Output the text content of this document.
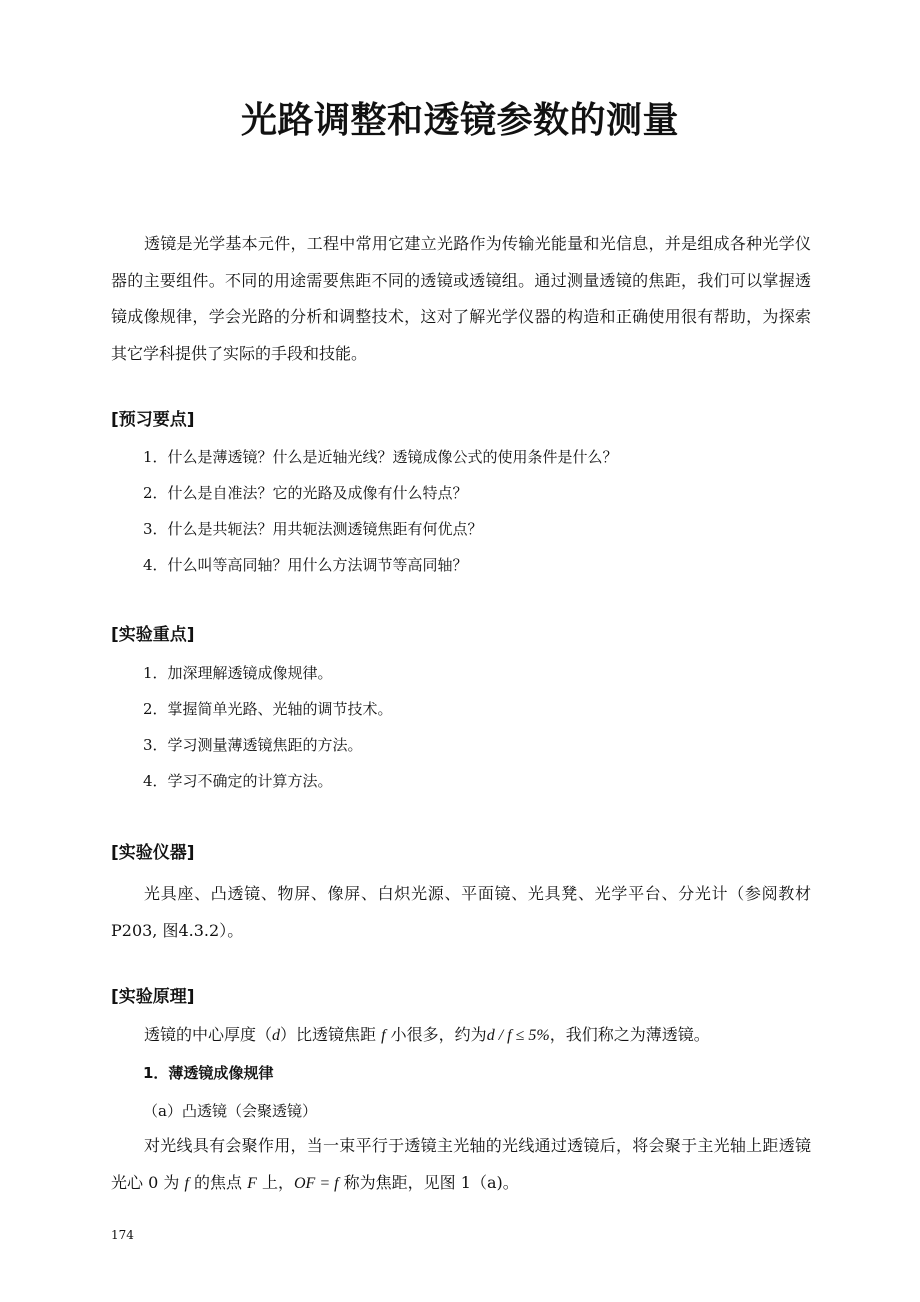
光路调整和透镜参数的测量

透镜是光学基本元件，工程中常用它建立光路作为传输光能量和光信息，并是组成各种光学仪器的主要组件。不同的用途需要焦距不同的透镜或透镜组。通过测量透镜的焦距，我们可以掌握透镜成像规律，学会光路的分析和调整技术，这对了解光学仪器的构造和正确使用很有帮助，为探索其它学科提供了实际的手段和技能。

[预习要点]
1．什么是薄透镜？什么是近轴光线？透镜成像公式的使用条件是什么？
2．什么是自准法？它的光路及成像有什么特点？
3．什么是共轭法？用共轭法测透镜焦距有何优点？
4．什么叫等高同轴？用什么方法调节等高同轴？
[实验重点]
1．加深理解透镜成像规律。
2．掌握简单光路、光轴的调节技术。
3．学习测量薄透镜焦距的方法。
4．学习不确定的计算方法。
[实验仪器]

光具座、凸透镜、物屏、像屏、白炽光源、平面镜、光具凳、光学平台、分光计（参阅教材P203, 图4.3.2）。

[实验原理]

透镜的中心厚度（d）比透镜焦距 f 小很多，约为d / f ≤ 5%，我们称之为薄透镜。

1．薄透镜成像规律

（a）凸透镜（会聚透镜）

对光线具有会聚作用，当一束平行于透镜主光轴的光线通过透镜后，将会聚于主光轴上距透镜光心 0 为 f 的焦点 F 上，OF = f 称为焦距，见图 1（a)。

174
